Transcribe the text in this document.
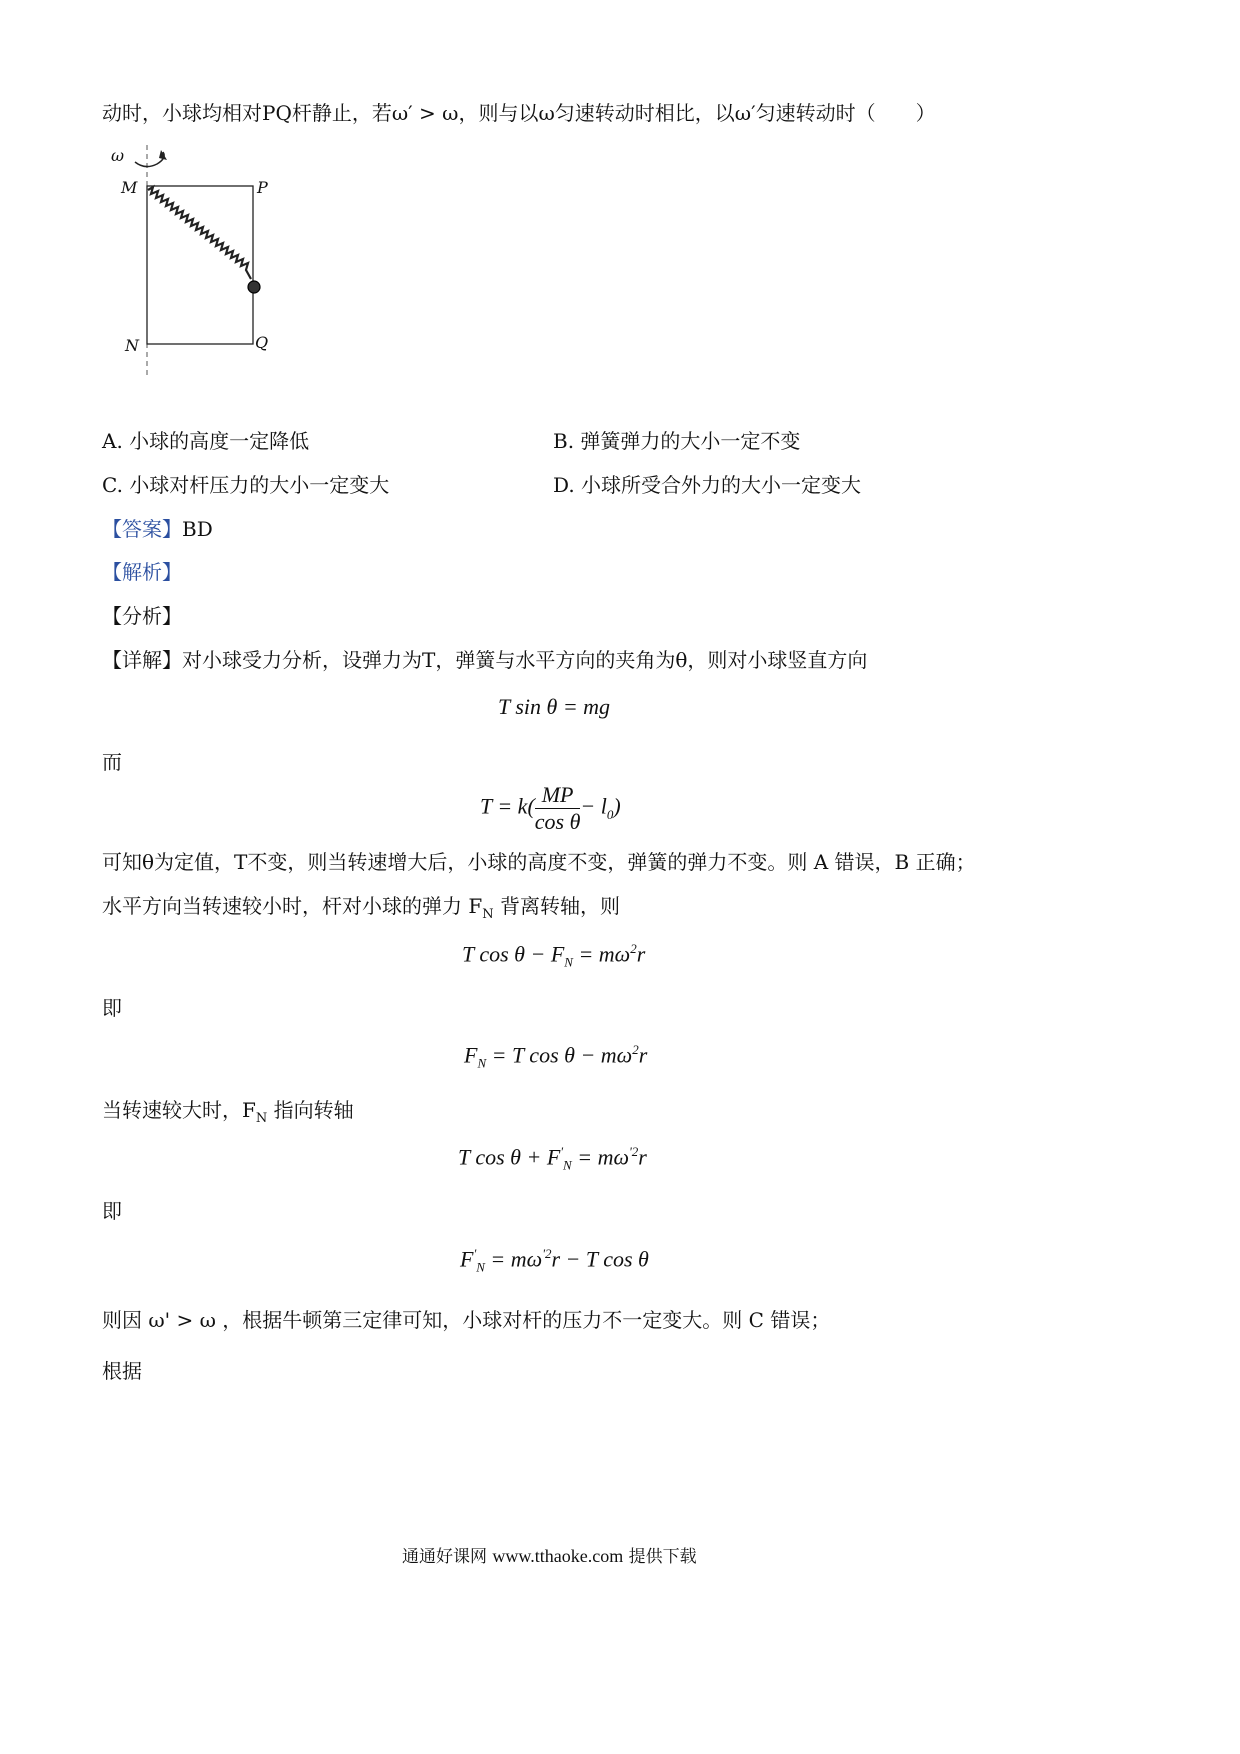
动时，小球均相对PQ杆静止，若ω′ > ω，则与以ω匀速转动时相比，以ω′匀速转动时（　　）
ω
M	P
N	Q
A. 小球的高度一定降低	B. 弹簧弹力的大小一定不变
C. 小球对杆压力的大小一定变大	D. 小球所受合外力的大小一定变大
【答案】BD
【解析】
【分析】
【详解】对小球受力分析，设弹力为T，弹簧与水平方向的夹角为θ，则对小球竖直方向
T sin θ = mg
而
$T = k( \frac{MP}{\text{cos θ}} - l_0)$
可知θ为定值，T不变，则当转速增大后，小球的高度不变，弹簧的弹力不变。则 A 错误，B 正确；
水平方向当转速较小时，杆对小球的弹力 $F_N$ 背离转轴，则
T $\cos \theta - F_N = m\omega^2r$
即
$F_N = T$ $\cos \theta - m\omega^2r$
当转速较大时，$F_N$ 指向转轴
T $\cos \theta + F'_N = m\omega^{'2}r$
即
$F'_N = m\omega^{'2}r - T$ cos θ
则因 ω' > ω ，根据牛顿第三定律可知，小球对杆的压力不一定变大。则 C 错误；
根据
通通好课网 www.tthaoke.com 提供下载
